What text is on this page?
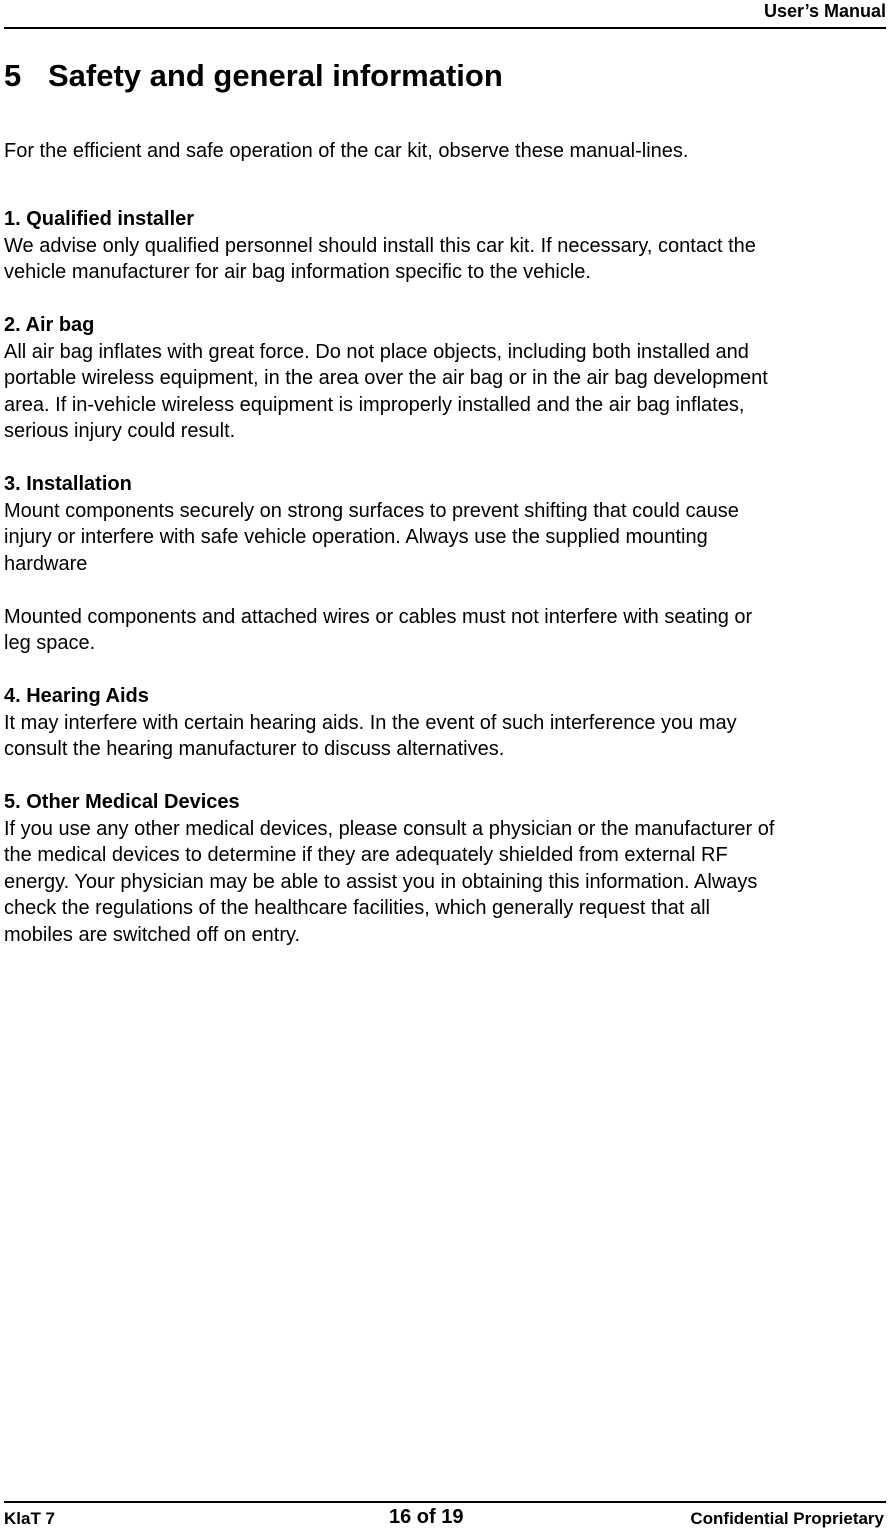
User’s Manual
5 Safety and general information

For the efficient and safe operation of the car kit, observe these manual-lines.

1. Qualified installer

We advise only qualified personnel should install this car kit. If necessary, contact the
vehicle manufacturer for air bag information specific to the vehicle.

2. Air bag

All air bag inflates with great force. Do not place objects, including both installed and
portable wireless equipment, in the area over the air bag or in the air bag development
area. If in-vehicle wireless equipment is improperly installed and the air bag inflates,
serious injury could result.

3. Installation

Mount components securely on strong surfaces to prevent shifting that could cause
injury or interfere with safe vehicle operation. Always use the supplied mounting
hardware

Mounted components and attached wires or cables must not interfere with seating or
leg space.

4. Hearing Aids

It may interfere with certain hearing aids. In the event of such interference you may
consult the hearing manufacturer to discuss alternatives.

5. Other Medical Devices

If you use any other medical devices, please consult a physician or the manufacturer of
the medical devices to determine if they are adequately shielded from external RF
energy. Your physician may be able to assist you in obtaining this information. Always
check the regulations of the healthcare facilities, which generally request that all
mobiles are switched off on entry.

KlaT 7	16 of 19	Confidential Proprietary
